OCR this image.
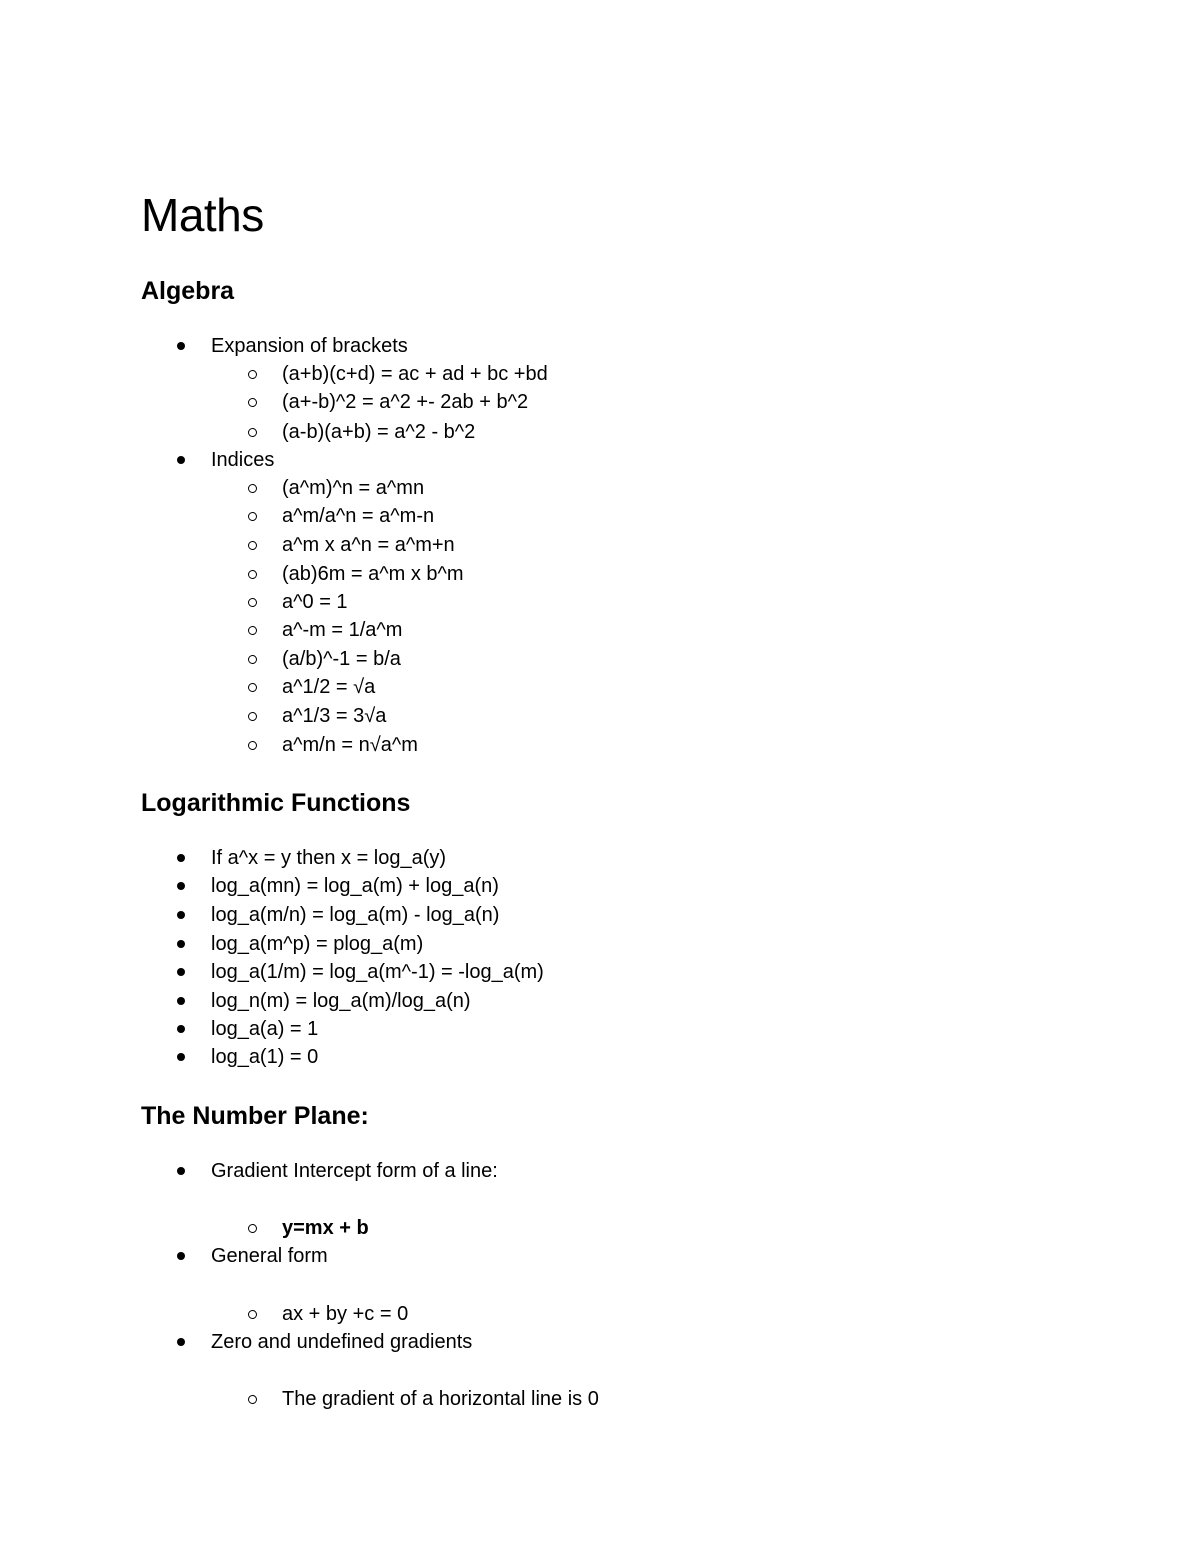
Maths
Algebra
Expansion of brackets
(a+b)(c+d) = ac + ad + bc +bd
(a+-b)^2 = a^2 +- 2ab + b^2
(a-b)(a+b) = a^2 - b^2
Indices
(a^m)^n = a^mn
a^m/a^n = a^m-n
a^m x a^n = a^m+n
(ab)6m = a^m x b^m
a^0 = 1
a^-m = 1/a^m
(a/b)^-1 = b/a
a^1/2 = √a
a^1/3 = 3√a
a^m/n = n√a^m
Logarithmic Functions
If a^x = y then x = log_a(y)
log_a(mn) = log_a(m) + log_a(n)
log_a(m/n) = log_a(m) - log_a(n)
log_a(m^p) = plog_a(m)
log_a(1/m) = log_a(m^-1) = -log_a(m)
log_n(m) = log_a(m)/log_a(n)
log_a(a) = 1
log_a(1) = 0
The Number Plane:
Gradient Intercept form of a line:
y=mx + b
General form
ax + by +c = 0
Zero and undefined gradients
The gradient of a horizontal line is 0
